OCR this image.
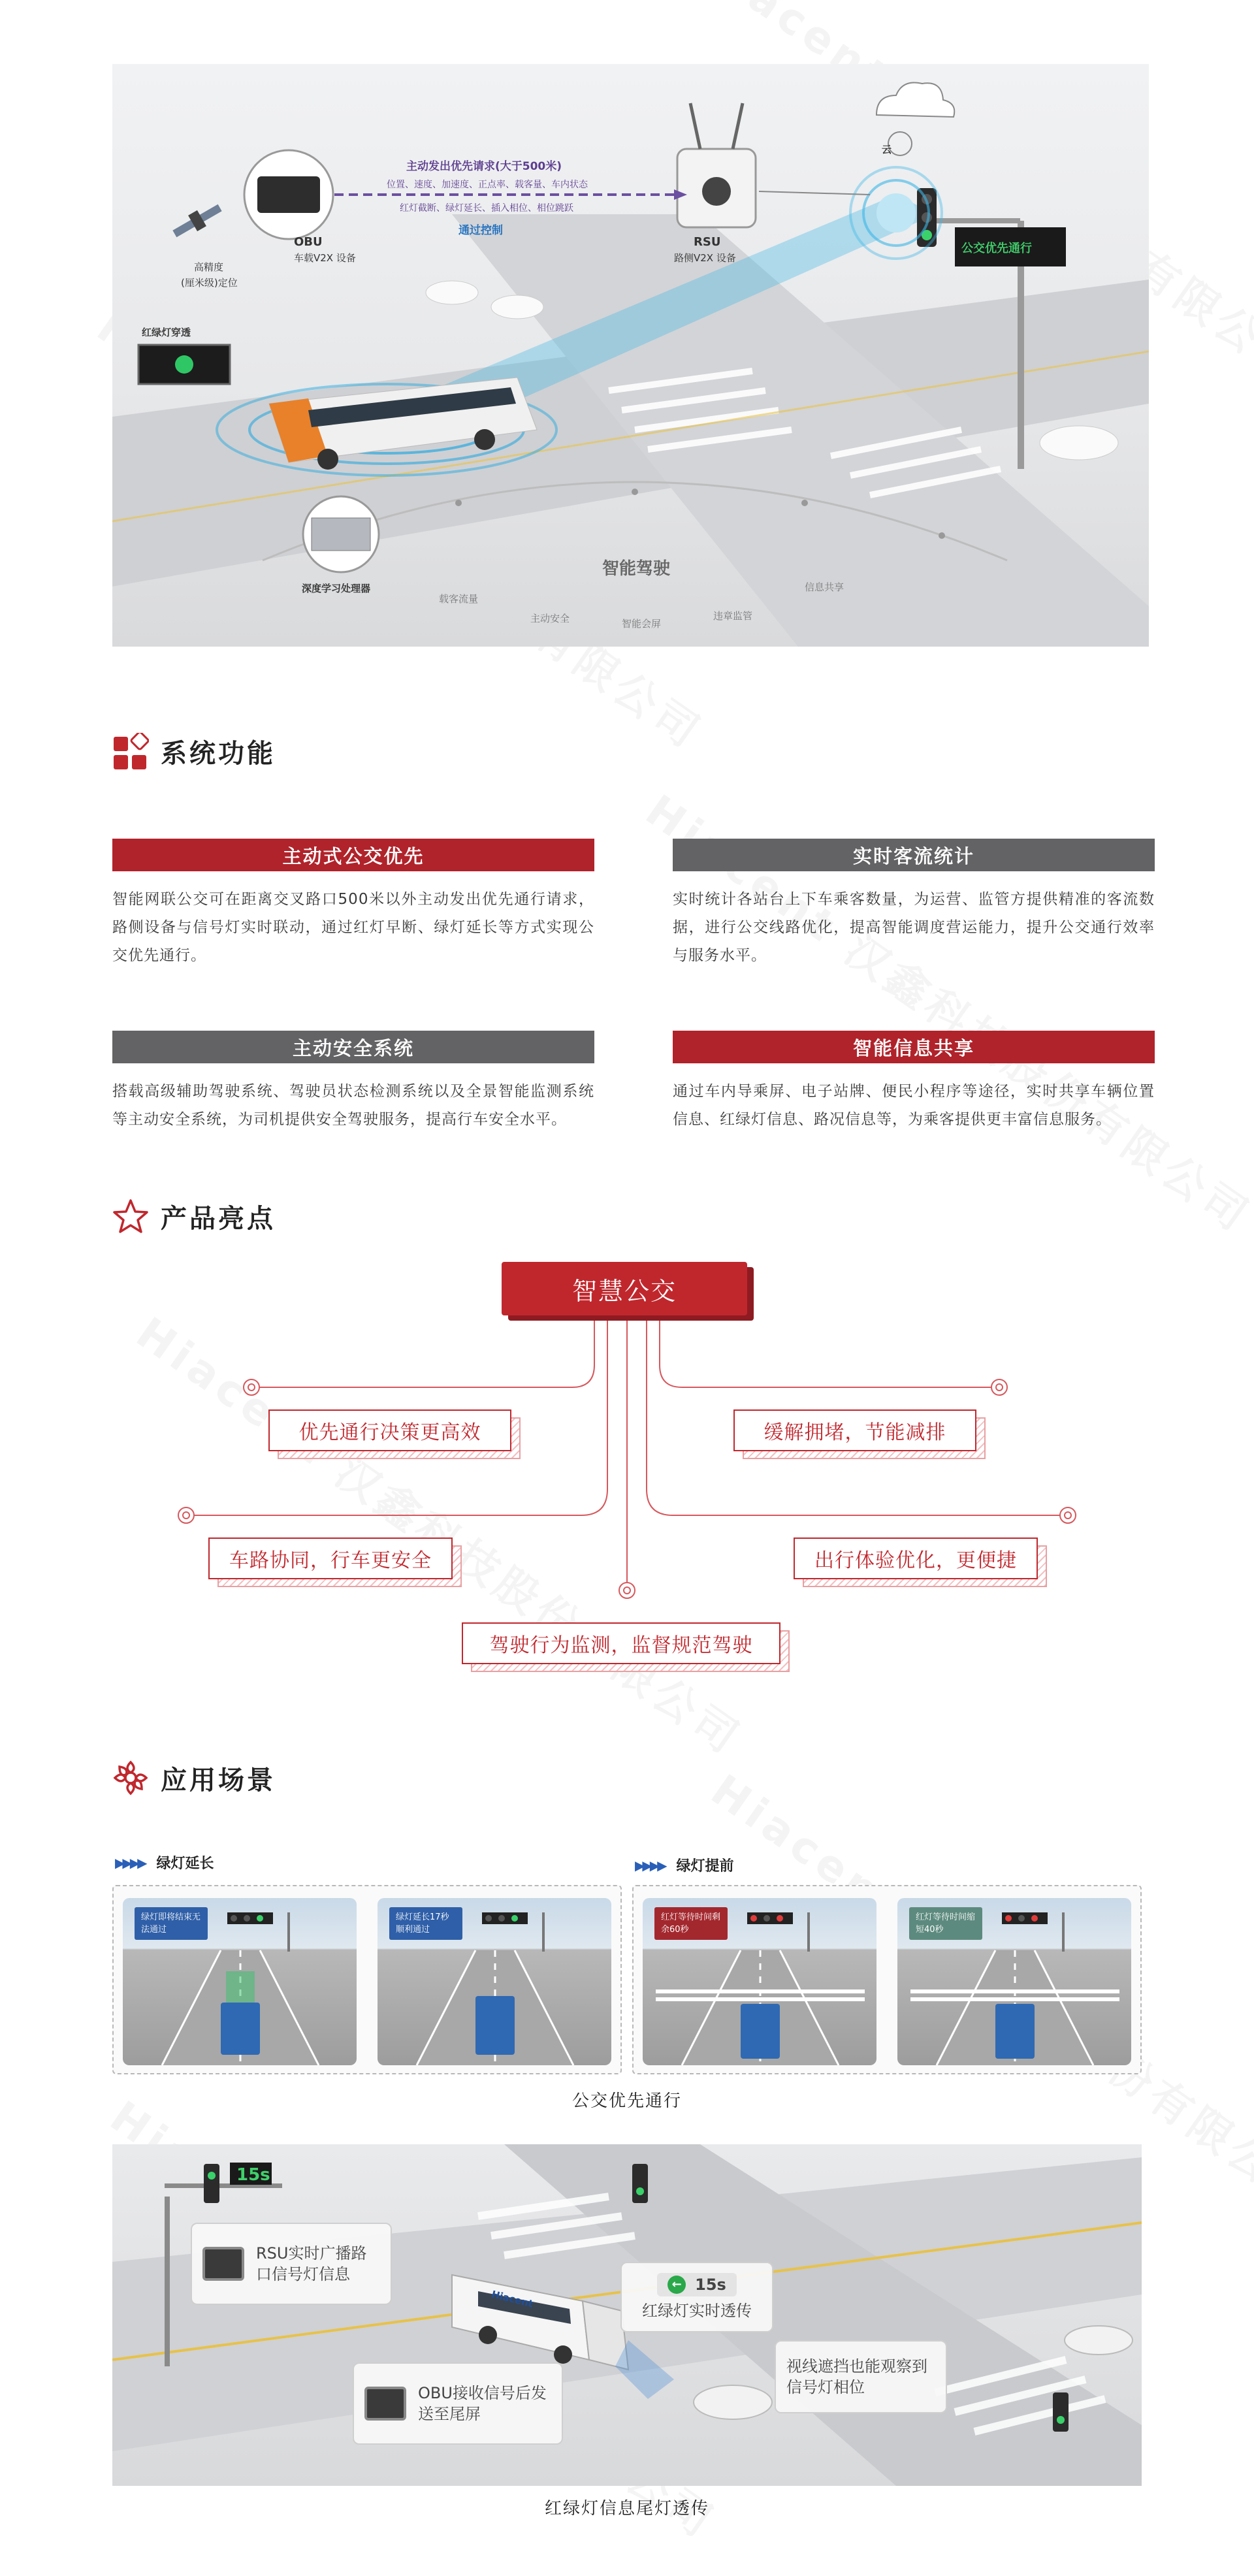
主动发出优先请求(大于500米)
位置、速度、加速度、正点率、载客量、车内状态
红灯截断、绿灯延长、插入相位、相位跳跃
通过控制
OBU
车载V2X 设备
RSU
路侧V2X 设备
高精度
(厘米级)定位
红绿灯穿透
云
公交优先通行
深度学习处理器
智能驾驶
载客流量
主动安全	智能会屏
违章监管
信息共享
系统功能
主动式公交优先

智能网联公交可在距离交叉路口500米以外主动发出优先通行请求，路侧设备与信号灯实时联动，通过红灯早断、绿灯延长等方式实现公交优先通行。

实时客流统计

实时统计各站台上下车乘客数量，为运营、监管方提供精准的客流数据，进行公交线路优化，提高智能调度营运能力，提升公交通行效率与服务水平。

主动安全系统

搭载高级辅助驾驶系统、驾驶员状态检测系统以及全景智能监测系统等主动安全系统，为司机提供安全驾驶服务，提高行车安全水平。

智能信息共享

通过车内导乘屏、电子站牌、便民小程序等途径，实时共享车辆位置信息、红绿灯信息、路况信息等，为乘客提供更丰富信息服务。

产品亮点
智慧公交
优先通行决策更高效	缓解拥堵，节能减排
车路协同，行车更安全	出行体验优化，更便捷
驾驶行为监测，监督规范驾驶
应用场景
▶▶▶▶ 绿灯延长	▶▶▶▶ 绿灯提前
绿灯即将结束无法通过
绿灯延长17秒顺利通过
红灯等待时间剩余60秒
红灯等待时间缩短40秒
公交优先通行
15s
Hiacent
RSU实时广播路口信号灯信息
OBU接收信号后发送至尾屏
← 15s
红绿灯实时透传
视线遮挡也能观察到信号灯相位
红绿灯信息尾灯透传
